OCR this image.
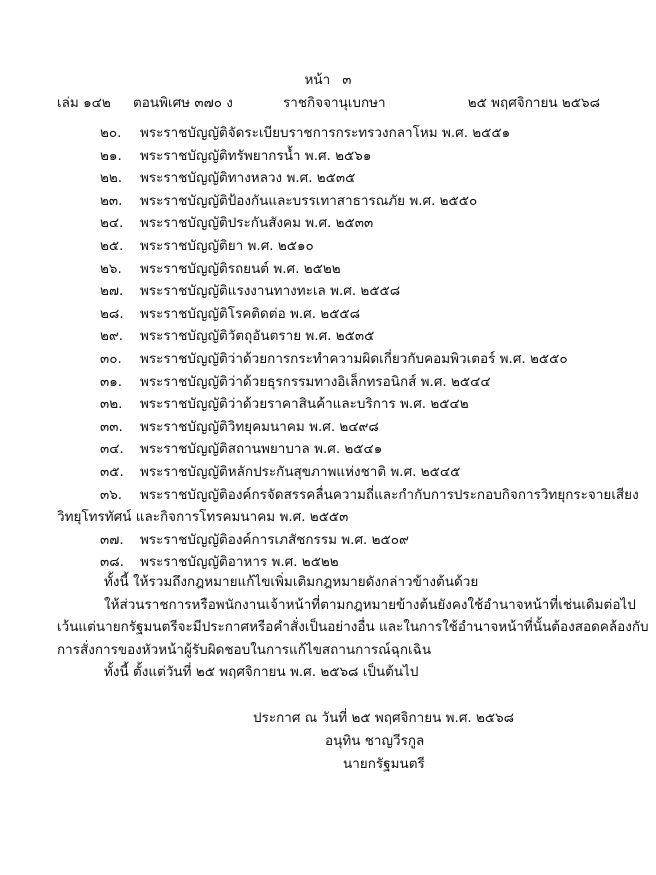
หน้า ๓
เล่ม ๑๔๒	ตอนพิเศษ ๓๗๐ ง	ราชกิจจานุเบกษา	๒๕ พฤศจิกายน ๒๕๖๘
๒๐.	พระราชบัญญัติจัดระเบียบราชการกระทรวงกลาโหม พ.ศ. ๒๕๕๑
๒๑.	พระราชบัญญัติทรัพยากรน้ำ พ.ศ. ๒๕๖๑
๒๒.	พระราชบัญญัติทางหลวง พ.ศ. ๒๕๓๕
๒๓.	พระราชบัญญัติป้องกันและบรรเทาสาธารณภัย พ.ศ. ๒๕๕๐
๒๔.	พระราชบัญญัติประกันสังคม พ.ศ. ๒๕๓๓
๒๕.	พระราชบัญญัติยา พ.ศ. ๒๕๑๐
๒๖.	พระราชบัญญัติรถยนต์ พ.ศ. ๒๕๒๒
๒๗.	พระราชบัญญัติแรงงานทางทะเล พ.ศ. ๒๕๕๘
๒๘.	พระราชบัญญัติโรคติดต่อ พ.ศ. ๒๕๕๘
๒๙.	พระราชบัญญัติวัตถุอันตราย พ.ศ. ๒๕๓๕
๓๐.	พระราชบัญญัติว่าด้วยการกระทำความผิดเกี่ยวกับคอมพิวเตอร์ พ.ศ. ๒๕๕๐
๓๑.	พระราชบัญญัติว่าด้วยธุรกรรมทางอิเล็กทรอนิกส์ พ.ศ. ๒๕๔๔
๓๒.	พระราชบัญญัติว่าด้วยราคาสินค้าและบริการ พ.ศ. ๒๕๔๒
๓๓.	พระราชบัญญัติวิทยุคมนาคม พ.ศ. ๒๔๙๘
๓๔.	พระราชบัญญัติสถานพยาบาล พ.ศ. ๒๕๔๑
๓๕.	พระราชบัญญัติหลักประกันสุขภาพแห่งชาติ พ.ศ. ๒๕๔๕
๓๖.	พระราชบัญญัติองค์กรจัดสรรคลื่นความถี่และกำกับการประกอบกิจการวิทยุกระจายเสียง
วิทยุโทรทัศน์ และกิจการโทรคมนาคม พ.ศ. ๒๕๕๓
๓๗.	พระราชบัญญัติองค์การเภสัชกรรม พ.ศ. ๒๕๐๙
๓๘.	พระราชบัญญัติอาหาร พ.ศ. ๒๕๒๒
ทั้งนี้ ให้รวมถึงกฎหมายแก้ไขเพิ่มเติมกฎหมายดังกล่าวข้างต้นด้วย
ให้ส่วนราชการหรือพนักงานเจ้าหน้าที่ตามกฎหมายข้างต้นยังคงใช้อำนาจหน้าที่เช่นเดิมต่อไป
เว้นแต่นายกรัฐมนตรีจะมีประกาศหรือคำสั่งเป็นอย่างอื่น และในการใช้อำนาจหน้าที่นั้นต้องสอดคล้องกับ
การสั่งการของหัวหน้าผู้รับผิดชอบในการแก้ไขสถานการณ์ฉุกเฉิน
ทั้งนี้ ตั้งแต่วันที่ ๒๕ พฤศจิกายน พ.ศ. ๒๕๖๘ เป็นต้นไป
ประกาศ ณ วันที่ ๒๕ พฤศจิกายน พ.ศ. ๒๕๖๘
อนุทิน ชาญวีรกูล
นายกรัฐมนตรี
